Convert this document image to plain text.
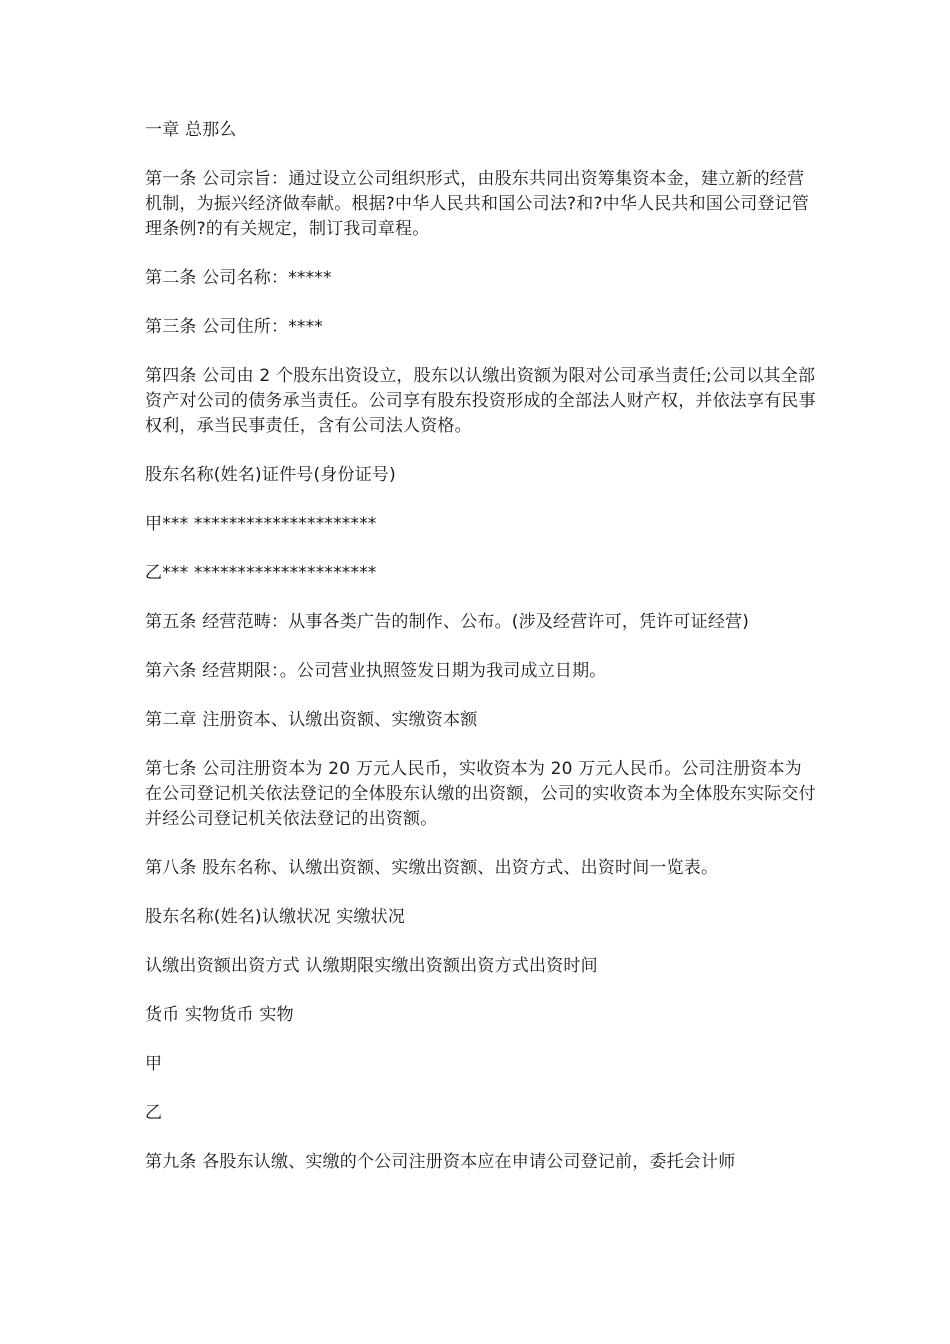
一章 总那么

第一条 公司宗旨：通过设立公司组织形式，由股东共同出资筹集资本金，建立新的经营机制，为振兴经济做奉献。根据?中华人民共和国公司法?和?中华人民共和国公司登记管理条例?的有关规定，制订我司章程。

第二条 公司名称：*****

第三条 公司住所：****

第四条 公司由 2 个股东出资设立，股东以认缴出资额为限对公司承当责任;公司以其全部资产对公司的债务承当责任。公司享有股东投资形成的全部法人财产权，并依法享有民事权利，承当民事责任，含有公司法人资格。

股东名称(姓名)证件号(身份证号)

甲*** *********************

乙*** *********************

第五条 经营范畴：从事各类广告的制作、公布。(涉及经营许可，凭许可证经营)

第六条 经营期限：。公司营业执照签发日期为我司成立日期。

第二章 注册资本、认缴出资额、实缴资本额

第七条 公司注册资本为 20 万元人民币，实收资本为 20 万元人民币。公司注册资本为在公司登记机关依法登记的全体股东认缴的出资额，公司的实收资本为全体股东实际交付并经公司登记机关依法登记的出资额。

第八条 股东名称、认缴出资额、实缴出资额、出资方式、出资时间一览表。

股东名称(姓名)认缴状况 实缴状况

认缴出资额出资方式 认缴期限实缴出资额出资方式出资时间

货币 实物货币 实物

甲

乙

第九条 各股东认缴、实缴的个公司注册资本应在申请公司登记前，委托会计师
